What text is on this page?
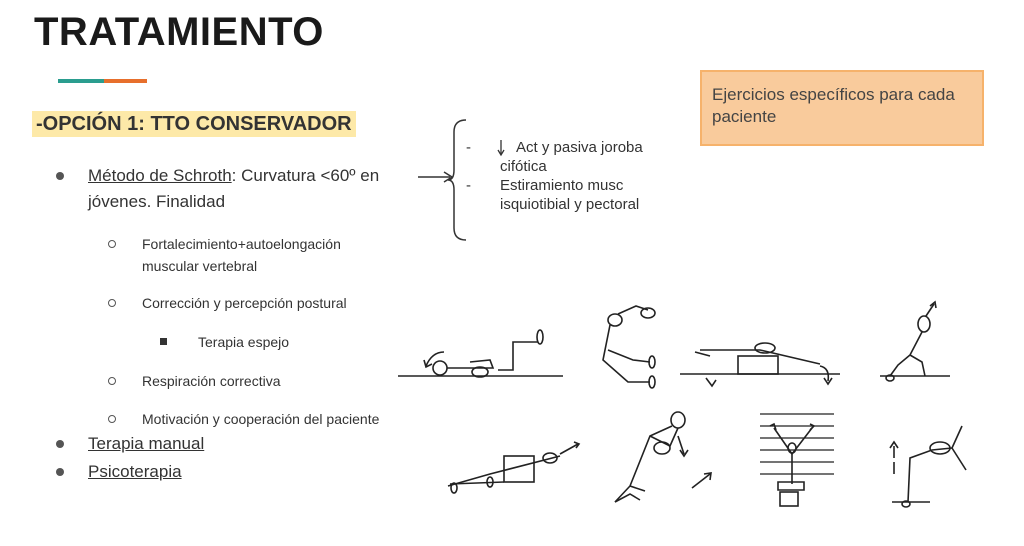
TRATAMIENTO
-OPCIÓN 1: TTO CONSERVADOR
Ejercicios específicos para cada paciente
Método de Schroth: Curvatura <60º en
jóvenes. Finalidad
Fortalecimiento+autoelongación
muscular vertebral
Corrección y percepción postural
Terapia espejo
Respiración correctiva
Motivación y cooperación del paciente
Terapia manual
Psicoterapia
-	Act y pasiva joroba
cifótica
- Estiramiento musc
isquiotibial y pectoral
